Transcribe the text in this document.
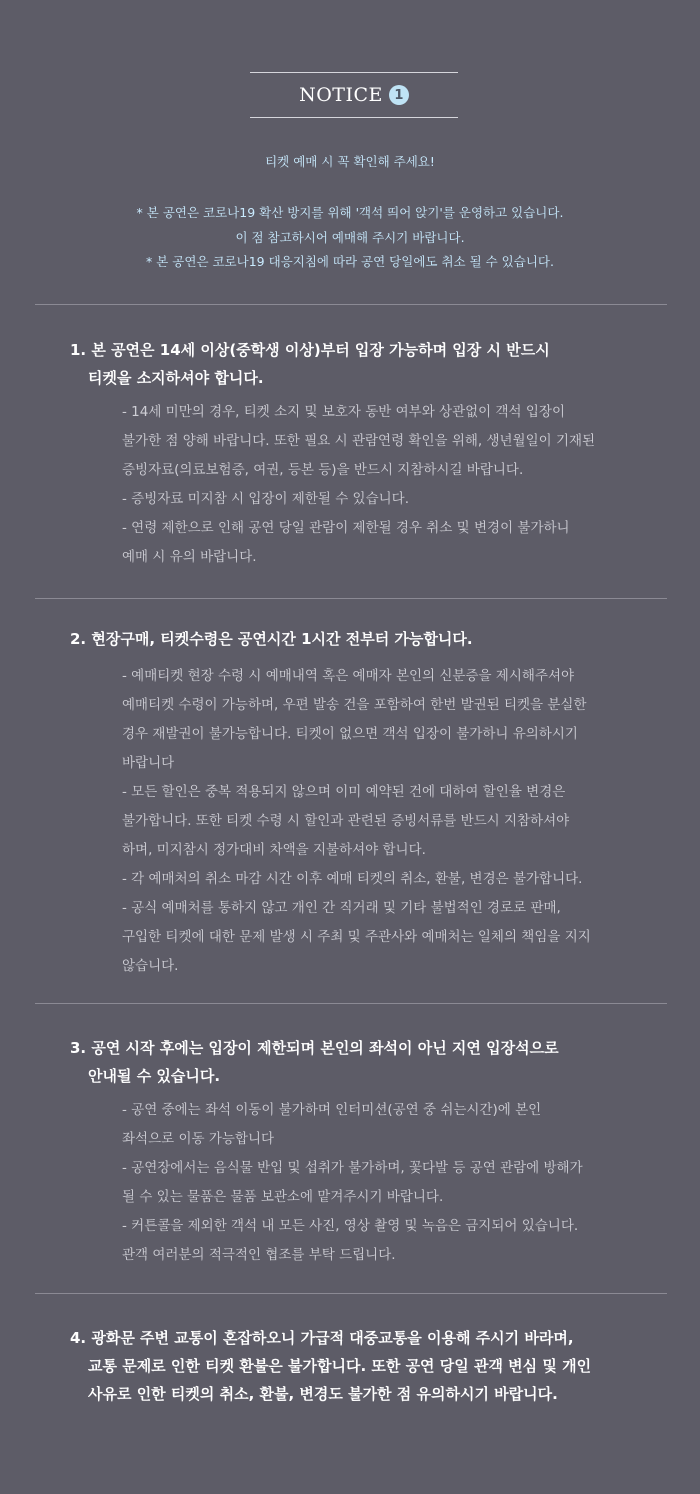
NOTICE 1
티켓 예매 시 꼭 확인해 주세요!
* 본 공연은 코로나19 확산 방지를 위해 '객석 띄어 앉기'를 운영하고 있습니다.
이 점 참고하시어 예매해 주시기 바랍니다.
* 본 공연은 코로나19 대응지침에 따라 공연 당일에도 취소 될 수 있습니다.
1. 본 공연은 14세 이상(중학생 이상)부터 입장 가능하며 입장 시 반드시
티켓을 소지하셔야 합니다.
- 14세 미만의 경우, 티켓 소지 및 보호자 동반 여부와 상관없이 객석 입장이
불가한 점 양해 바랍니다. 또한 필요 시 관람연령 확인을 위해, 생년월일이 기재된
증빙자료(의료보험증, 여권, 등본 등)을 반드시 지참하시길 바랍니다.
- 증빙자료 미지참 시 입장이 제한될 수 있습니다.
- 연령 제한으로 인해 공연 당일 관람이 제한될 경우 취소 및 변경이 불가하니
예매 시 유의 바랍니다.
2. 현장구매, 티켓수령은 공연시간 1시간 전부터 가능합니다.
- 예매티켓 현장 수령 시 예매내역 혹은 예매자 본인의 신분증을 제시해주셔야
예매티켓 수령이 가능하며, 우편 발송 건을 포함하여 한번 발권된 티켓을 분실한
경우 재발권이 불가능합니다. 티켓이 없으면 객석 입장이 불가하니 유의하시기
바랍니다
- 모든 할인은 중복 적용되지 않으며 이미 예약된 건에 대하여 할인율 변경은
불가합니다. 또한 티켓 수령 시 할인과 관련된 증빙서류를 반드시 지참하셔야
하며, 미지참시 정가대비 차액을 지불하셔야 합니다.
- 각 예매처의 취소 마감 시간 이후 예매 티켓의 취소, 환불, 변경은 불가합니다.
- 공식 예매처를 통하지 않고 개인 간 직거래 및 기타 불법적인 경로로 판매,
구입한 티켓에 대한 문제 발생 시 주최 및 주관사와 예매처는 일체의 책임을 지지
않습니다.
3. 공연 시작 후에는 입장이 제한되며 본인의 좌석이 아닌 지연 입장석으로
안내될 수 있습니다.
- 공연 중에는 좌석 이동이 불가하며 인터미션(공연 중 쉬는시간)에 본인
좌석으로 이동 가능합니다
- 공연장에서는 음식물 반입 및 섭취가 불가하며, 꽃다발 등 공연 관람에 방해가
될 수 있는 물품은 물품 보관소에 맡겨주시기 바랍니다.
- 커튼콜을 제외한 객석 내 모든 사진, 영상 촬영 및 녹음은 금지되어 있습니다.
관객 여러분의 적극적인 협조를 부탁 드립니다.
4. 광화문 주변 교통이 혼잡하오니 가급적 대중교통을 이용해 주시기 바라며,
교통 문제로 인한 티켓 환불은 불가합니다. 또한 공연 당일 관객 변심 및 개인
사유로 인한 티켓의 취소, 환불, 변경도 불가한 점 유의하시기 바랍니다.
